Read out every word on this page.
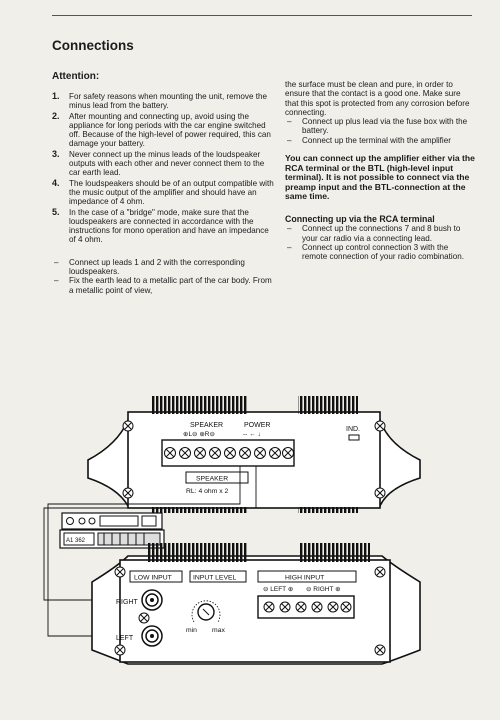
Connections
Attention:
1. For safety reasons when mounting the unit, remove the minus lead from the battery.
2. After mounting and connecting up, avoid using the appliance for long periods with the car engine switched off. Because of the high-level of power required, this can damage your battery.
3. Never connect up the minus leads of the loudspeaker outputs with each other and never connect them to the car earth lead.
4. The loudspeakers should be of an output compatible with the music output of the amplifier and should have an impedance of 4 ohm.
5. In the case of a "bridge" mode, make sure that the loudspeakers are connected in accordance with the instructions for mono operation and have an impedance of 4 ohm.
– Connect up leads 1 and 2 with the corresponding loudspeakers.
– Fix the earth lead to a metallic part of the car body. From a metallic point of view,
the surface must be clean and pure, in order to ensure that the contact is a good one. Make sure that this spot is protected from any corrosion before connecting.
– Connect up plus lead via the fuse box with the battery.
– Connect up the terminal with the amplifier
You can connect up the amplifier either via the RCA terminal or the BTL (high-level input terminal). It is not possible to connect via the preamp input and the BTL-connection at the same time.
Connecting up via the RCA terminal
– Connect up the connections 7 and 8 bush to your car radio via a connecting lead.
– Connect up control connection 3 with the remote connection of your radio combination.
SPEAKER	POWER
⊕L⊖ ⊕R⊖	-- ← ↓
IND.
SPEAKER
RL: 4 ohm x 2
A1 362
LOW INPUT	INPUT LEVEL	HIGH INPUT
⊖ LEFT ⊕ ⊖ RIGHT ⊕
RIGHT
LEFT
min max
